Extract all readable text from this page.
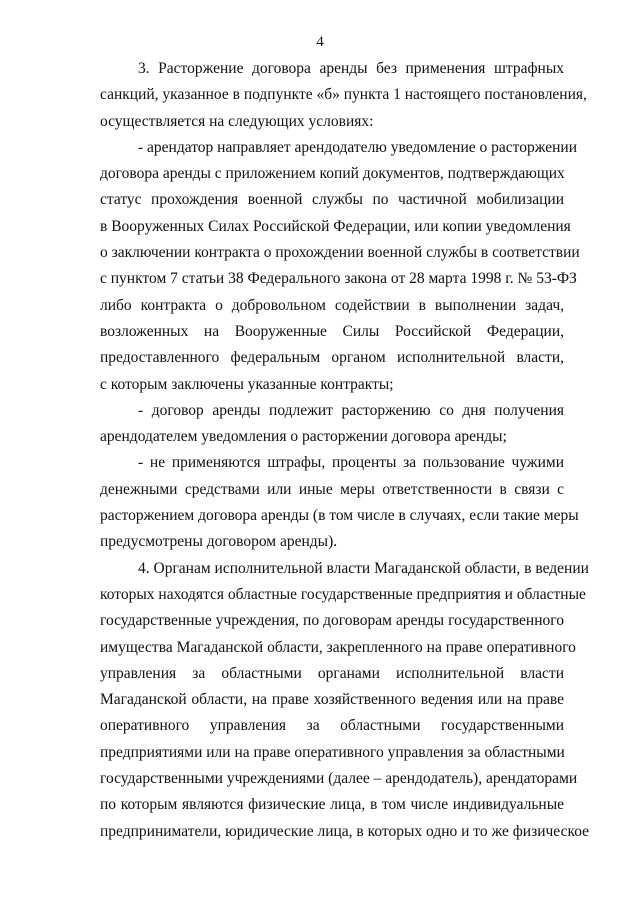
4
3. Расторжение договора аренды без применения штрафных
санкций, указанное в подпункте «б» пункта 1 настоящего постановления,
осуществляется на следующих условиях:
- арендатор направляет арендодателю уведомление о расторжении
договора аренды с приложением копий документов, подтверждающих
статус прохождения военной службы по частичной мобилизации
в Вооруженных Силах Российской Федерации, или копии уведомления
о заключении контракта о прохождении военной службы в соответствии
с пунктом 7 статьи 38 Федерального закона от 28 марта 1998 г. № 53-ФЗ
либо контракта о добровольном содействии в выполнении задач,
возложенных на Вооруженные Силы Российской Федерации,
предоставленного федеральным органом исполнительной власти,
с которым заключены указанные контракты;
- договор аренды подлежит расторжению со дня получения
арендодателем уведомления о расторжении договора аренды;
- не применяются штрафы, проценты за пользование чужими
денежными средствами или иные меры ответственности в связи с
расторжением договора аренды (в том числе в случаях, если такие меры
предусмотрены договором аренды).
4. Органам исполнительной власти Магаданской области, в ведении
которых находятся областные государственные предприятия и областные
государственные учреждения, по договорам аренды государственного
имущества Магаданской области, закрепленного на праве оперативного
управления за областными органами исполнительной власти
Магаданской области, на праве хозяйственного ведения или на праве
оперативного управления за областными государственными
предприятиями или на праве оперативного управления за областными
государственными учреждениями (далее – арендодатель), арендаторами
по которым являются физические лица, в том числе индивидуальные
предприниматели, юридические лица, в которых одно и то же физическое
